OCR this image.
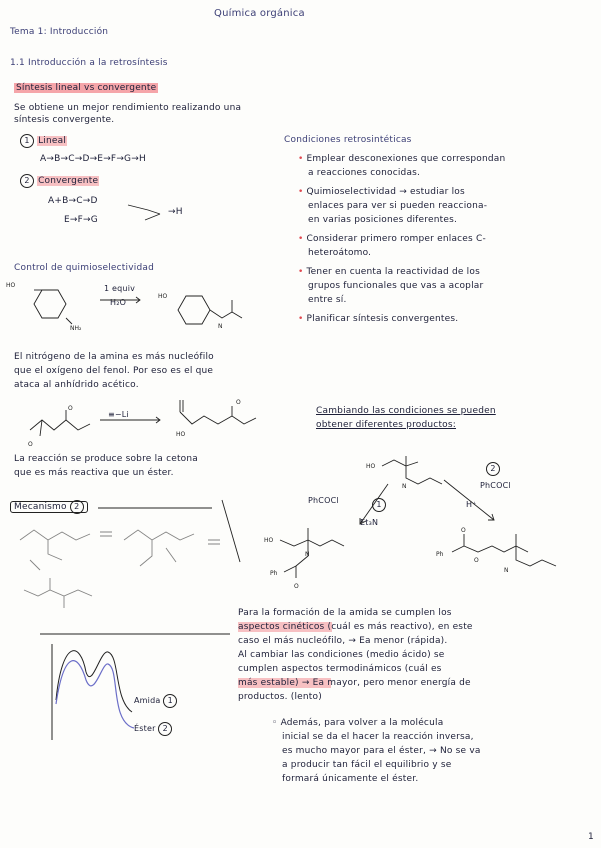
Química orgánica
Tema 1: Introducción
1.1 Introducción a la retrosíntesis
Síntesis lineal vs convergente
Se obtiene un mejor rendimiento realizando una
síntesis convergente.
1 Lineal
A→B→C→D→E→F→G→H
2 Convergente
A+B→C→D
E→F→G
→H
Condiciones retrosintéticas
• Emplear desconexiones que correspondan
a reacciones conocidas.
• Quimioselectividad → estudiar los
enlaces para ver si pueden reacciona-
en varias posiciones diferentes.
• Considerar primero romper enlaces C-
heteroátomo.
• Tener en cuenta la reactividad de los
grupos funcionales que vas a acoplar
entre sí.
• Planificar síntesis convergentes.
Control de quimioselectividad
1 equiv
H₂O
El nitrógeno de la amina es más nucleófilo
que el oxígeno del fenol. Por eso es el que
ataca al anhídrido acético.
≡−Li
La reacción se produce sobre la cetona
que es más reactiva que un éster.
Cambiando las condiciones se pueden
obtener diferentes productos:
PhCOCl
PhCOCl
Et₃N
H⁺
1
2
Mecanismo 2
Amida 1
Éster 2
Para la formación de la amida se cumplen los
aspectos cinéticos (cuál es más reactivo), en este
caso el más nucleófilo, → Ea menor (rápida).
Al cambiar las condiciones (medio ácido) se
cumplen aspectos termodinámicos (cuál es
más estable) → Ea mayor, pero menor energía de
productos. (lento)
◦ Además, para volver a la molécula
inicial se da el hacer la reacción inversa,
es mucho mayor para el éster, → No se va
a producir tan fácil el equilibrio y se
formará únicamente el éster.
1
HO
NH₂
HO
N
O
O
HO
O
HO
N
HO
N
Ph
O
Ph
O
O
N
